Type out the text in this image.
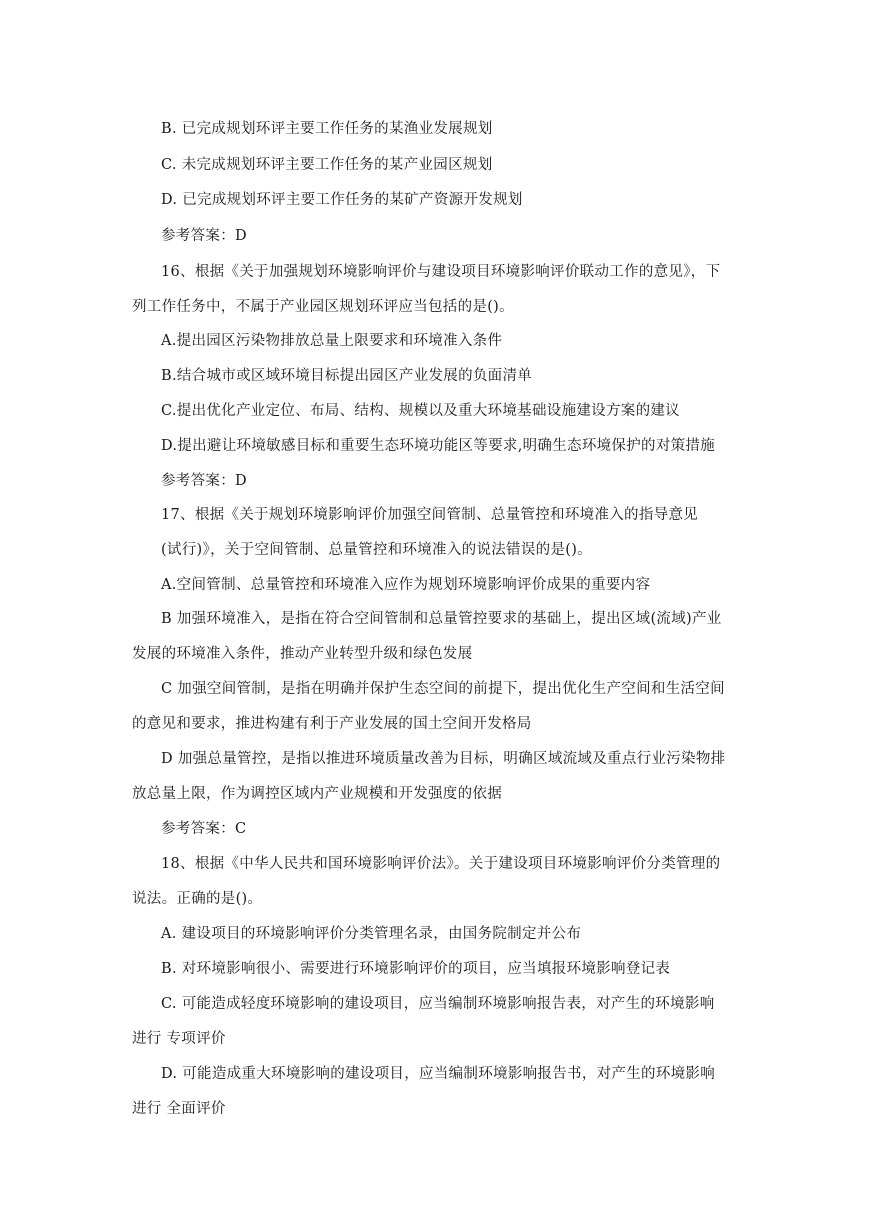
B. 已完成规划环评主要工作任务的某渔业发展规划
C. 未完成规划环评主要工作任务的某产业园区规划
D. 已完成规划环评主要工作任务的某矿产资源开发规划
参考答案：D
16、根据《关于加强规划环境影响评价与建设项目环境影响评价联动工作的意见》，下
列工作任务中，不属于产业园区规划环评应当包括的是()。
A.提出园区污染物排放总量上限要求和环境准入条件
B.结合城市或区域环境目标提出园区产业发展的负面清单
C.提出优化产业定位、布局、结构、规模以及重大环境基础设施建设方案的建议
D.提出避让环境敏感目标和重要生态环境功能区等要求,明确生态环境保护的对策措施
参考答案：D
17、根据《关于规划环境影响评价加强空间管制、总量管控和环境准入的指导意见
(试行)》，关于空间管制、总量管控和环境准入的说法错误的是()。
A.空间管制、总量管控和环境准入应作为规划环境影响评价成果的重要内容
B 加强环境准入，是指在符合空间管制和总量管控要求的基础上，提出区域(流域)产业
发展的环境准入条件，推动产业转型升级和绿色发展
C 加强空间管制，是指在明确并保护生态空间的前提下，提出优化生产空间和生活空间
的意见和要求，推进构建有利于产业发展的国土空间开发格局
D 加强总量管控，是指以推进环境质量改善为目标，明确区域流域及重点行业污染物排
放总量上限，作为调控区域内产业规模和开发强度的依据
参考答案：C
18、根据《中华人民共和国环境影响评价法》。关于建设项目环境影响评价分类管理的
说法。正确的是()。
A. 建设项目的环境影响评价分类管理名录，由国务院制定并公布
B. 对环境影响很小、需要进行环境影响评价的项目，应当填报环境影响登记表
C. 可能造成轻度环境影响的建设项目，应当编制环境影响报告表，对产生的环境影响
进行 专项评价
D. 可能造成重大环境影响的建设项目，应当编制环境影响报告书，对产生的环境影响
进行 全面评价
